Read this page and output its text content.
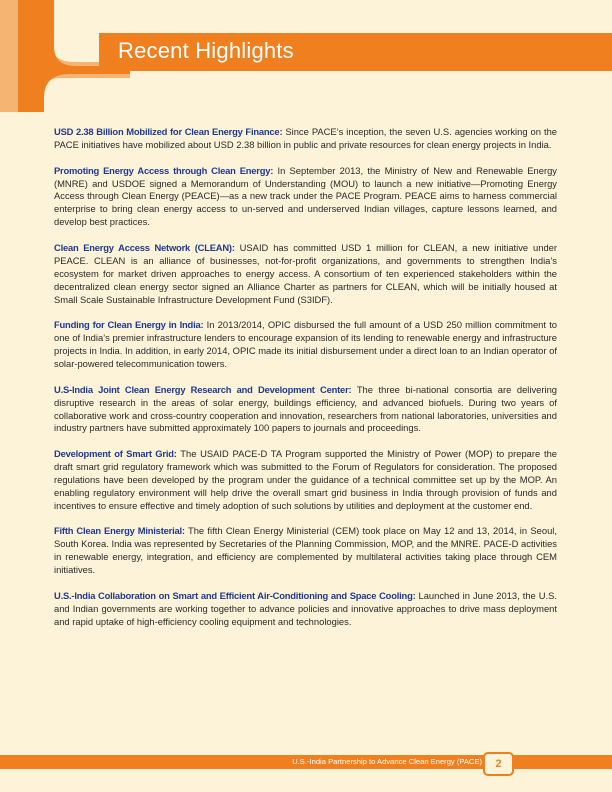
Recent Highlights

USD 2.38 Billion Mobilized for Clean Energy Finance: Since PACE’s inception, the seven U.S. agencies working on the PACE initiatives have mobilized about USD 2.38 billion in public and private resources for clean energy projects in India.

Promoting Energy Access through Clean Energy: In September 2013, the Ministry of New and Renewable Energy (MNRE) and USDOE signed a Memorandum of Understanding (MOU) to launch a new initiative—Promoting Energy Access through Clean Energy (PEACE)—as a new track under the PACE Program. PEACE aims to harness commercial enterprise to bring clean energy access to un-served and underserved Indian villages, capture lessons learned, and develop best practices.

Clean Energy Access Network (CLEAN): USAID has committed USD 1 million for CLEAN, a new initiative under PEACE. CLEAN is an alliance of businesses, not-for-profit organizations, and governments to strengthen India’s ecosystem for market driven approaches to energy access. A consortium of ten experienced stakeholders within the decentralized clean energy sector signed an Alliance Charter as partners for CLEAN, which will be initially housed at Small Scale Sustainable Infrastructure Development Fund (S3IDF).

Funding for Clean Energy in India: In 2013/2014, OPIC disbursed the full amount of a USD 250 million commitment to one of India’s premier infrastructure lenders to encourage expansion of its lending to renewable energy and infrastructure projects in India. In addition, in early 2014, OPIC made its initial disbursement under a direct loan to an Indian operator of solar-powered telecommunication towers.

U.S-India Joint Clean Energy Research and Development Center: The three bi-national consortia are delivering disruptive research in the areas of solar energy, buildings efficiency, and advanced biofuels. During two years of collaborative work and cross-country cooperation and innovation, researchers from national laboratories, universities and industry partners have submitted approximately 100 papers to journals and proceedings.

Development of Smart Grid: The USAID PACE-D TA Program supported the Ministry of Power (MOP) to prepare the draft smart grid regulatory framework which was submitted to the Forum of Regulators for consideration. The proposed regulations have been developed by the program under the guidance of a technical committee set up by the MOP. An enabling regulatory environment will help drive the overall smart grid business in India through provision of funds and incentives to ensure effective and timely adoption of such solutions by utilities and deployment at the customer end.

Fifth Clean Energy Ministerial: The fifth Clean Energy Ministerial (CEM) took place on May 12 and 13, 2014, in Seoul, South Korea. India was represented by Secretaries of the Planning Commission, MOP, and the MNRE. PACE-D activities in renewable energy, integration, and efficiency are complemented by multilateral activities taking place through CEM initiatives.

U.S.-India Collaboration on Smart and Efficient Air-Conditioning and Space Cooling: Launched in June 2013, the U.S. and Indian governments are working together to advance policies and innovative approaches to drive mass deployment and rapid uptake of high-efficiency cooling equipment and technologies.

U.S.-India Partnership to Advance Clean Energy (PACE)	2
